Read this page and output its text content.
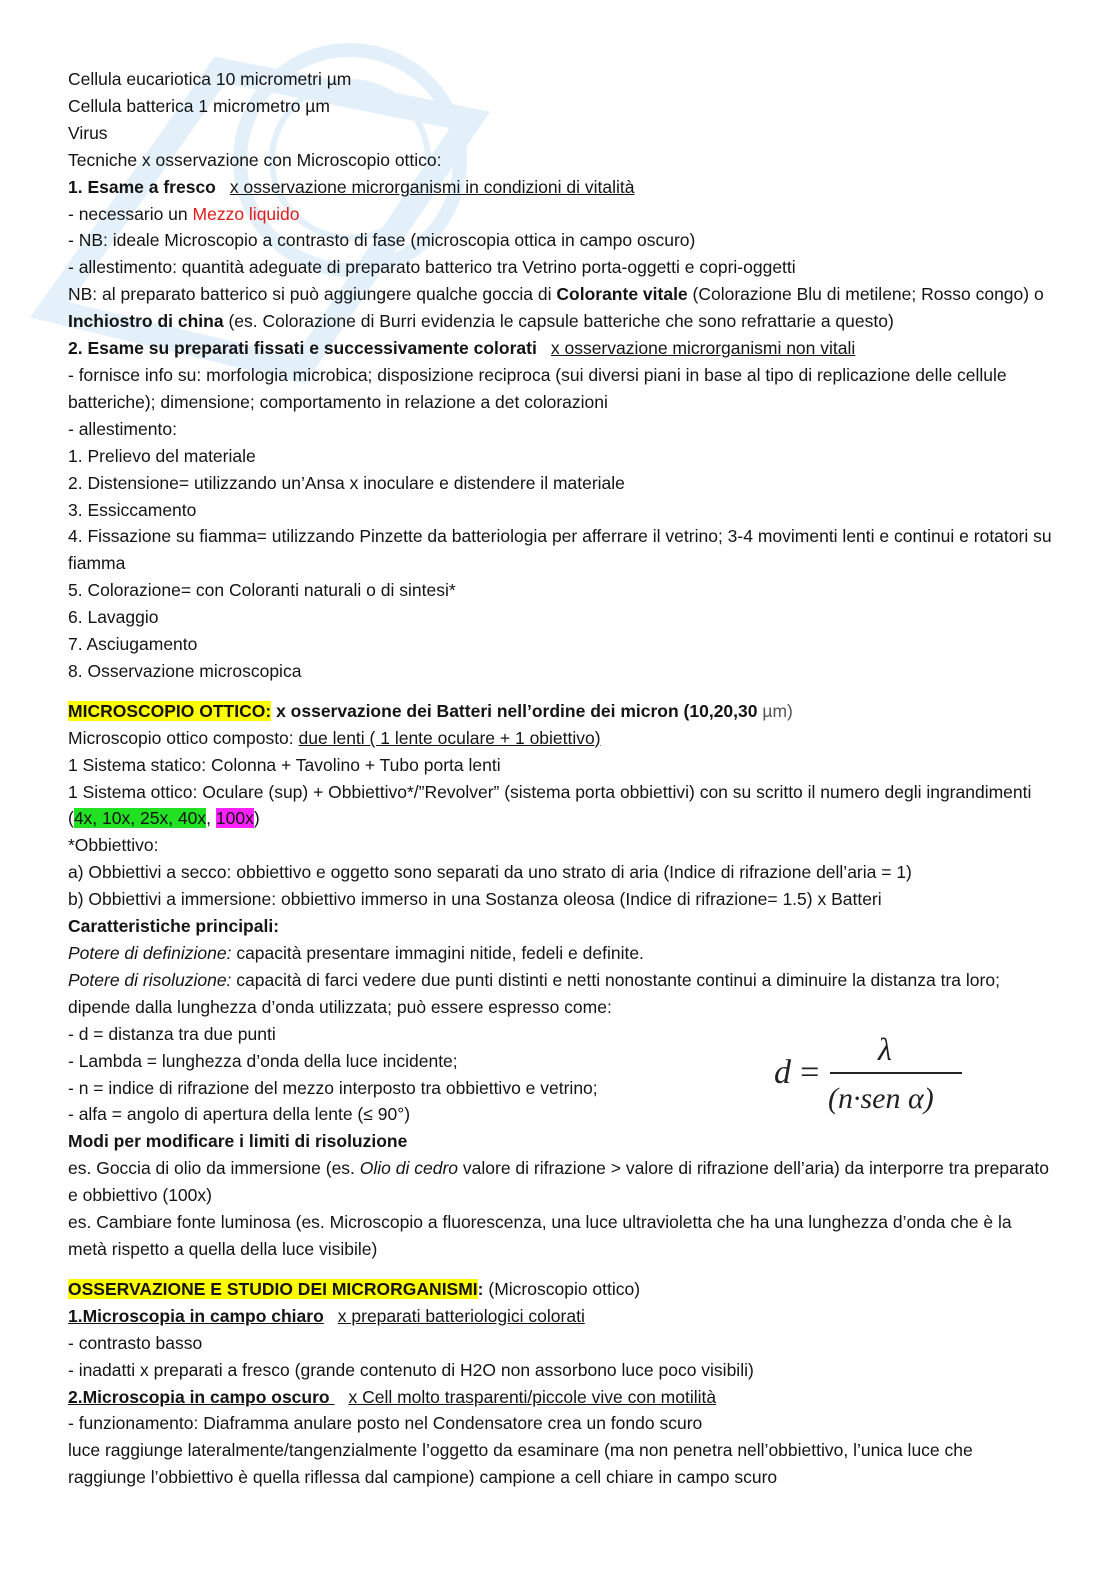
Cellula eucariotica 10 micrometri µm

Cellula batterica 1 micrometro µm

Virus

Tecniche x osservazione con Microscopio ottico:

1. Esame a fresco x osservazione microrganismi in condizioni di vitalità

- necessario un Mezzo liquido

- NB: ideale Microscopio a contrasto di fase (microscopia ottica in campo oscuro)

- allestimento: quantità adeguate di preparato batterico tra Vetrino porta-oggetti e copri-oggetti

NB: al preparato batterico si può aggiungere qualche goccia di Colorante vitale (Colorazione Blu di metilene; Rosso congo) o Inchiostro di china (es. Colorazione di Burri evidenzia le capsule batteriche che sono refrattarie a questo)

2. Esame su preparati fissati e successivamente colorati x osservazione microrganismi non vitali

- fornisce info su: morfologia microbica; disposizione reciproca (sui diversi piani in base al tipo di replicazione delle cellule batteriche); dimensione; comportamento in relazione a det colorazioni

- allestimento:

1. Prelievo del materiale

2. Distensione= utilizzando un’Ansa x inoculare e distendere il materiale

3. Essiccamento

4. Fissazione su fiamma= utilizzando Pinzette da batteriologia per afferrare il vetrino; 3-4 movimenti lenti e continui e rotatori su fiamma

5. Colorazione= con Coloranti naturali o di sintesi*

6. Lavaggio

7. Asciugamento

8. Osservazione microscopica

MICROSCOPIO OTTICO: x osservazione dei Batteri nell’ordine dei micron (10,20,30 µm)

Microscopio ottico composto: due lenti ( 1 lente oculare + 1 obiettivo)

1 Sistema statico: Colonna + Tavolino + Tubo porta lenti

1 Sistema ottico: Oculare (sup) + Obbiettivo*/”Revolver” (sistema porta obbiettivi) con su scritto il numero degli ingrandimenti (4x, 10x, 25x, 40x, 100x)

*Obbiettivo:

a) Obbiettivi a secco: obbiettivo e oggetto sono separati da uno strato di aria (Indice di rifrazione dell’aria = 1)

b) Obbiettivi a immersione: obbiettivo immerso in una Sostanza oleosa (Indice di rifrazione= 1.5) x Batteri

Caratteristiche principali:

Potere di definizione: capacità presentare immagini nitide, fedeli e definite.

Potere di risoluzione: capacità di farci vedere due punti distinti e netti nonostante continui a diminuire la distanza tra loro; dipende dalla lunghezza d’onda utilizzata; può essere espresso come:

- d = distanza tra due punti

- Lambda = lunghezza d’onda della luce incidente;

- n = indice di rifrazione del mezzo interposto tra obbiettivo e vetrino;

- alfa = angolo di apertura della lente (≤ 90°)

Modi per modificare i limiti di risoluzione

es. Goccia di olio da immersione (es. Olio di cedro valore di rifrazione > valore di rifrazione dell’aria) da interporre tra preparato e obbiettivo (100x)

es. Cambiare fonte luminosa (es. Microscopio a fluorescenza, una luce ultravioletta che ha una lunghezza d’onda che è la metà rispetto a quella della luce visibile)

OSSERVAZIONE E STUDIO DEI MICRORGANISMI: (Microscopio ottico)

1.Microscopia in campo chiaro x preparati batteriologici colorati

- contrasto basso

- inadatti x preparati a fresco (grande contenuto di H2O non assorbono luce poco visibili)

2.Microscopia in campo oscuro x Cell molto trasparenti/piccole vive con motilità

- funzionamento: Diaframma anulare posto nel Condensatore crea un fondo scuro

luce raggiunge lateralmente/tangenzialmente l’oggetto da esaminare (ma non penetra nell’obbiettivo, l’unica luce che raggiunge l’obbiettivo è quella riflessa dal campione) campione a cell chiare in campo scuro

d =
λ
(n·sen α)
